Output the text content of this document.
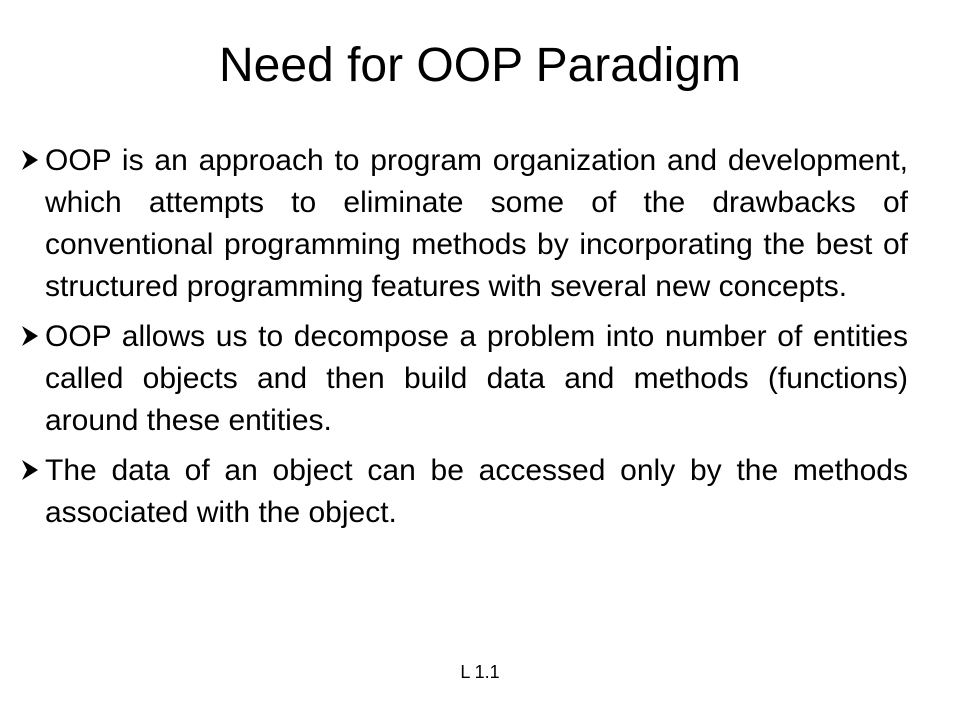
Need for OOP Paradigm
OOP is an approach to program organization and development, which attempts to eliminate some of the drawbacks of conventional programming methods by incorporating the best of structured programming features with several new concepts.
OOP allows us to decompose a problem into number of entities called objects and then build data and methods (functions) around these entities.
The data of an object can be accessed only by the methods associated with the object.
L 1.1
